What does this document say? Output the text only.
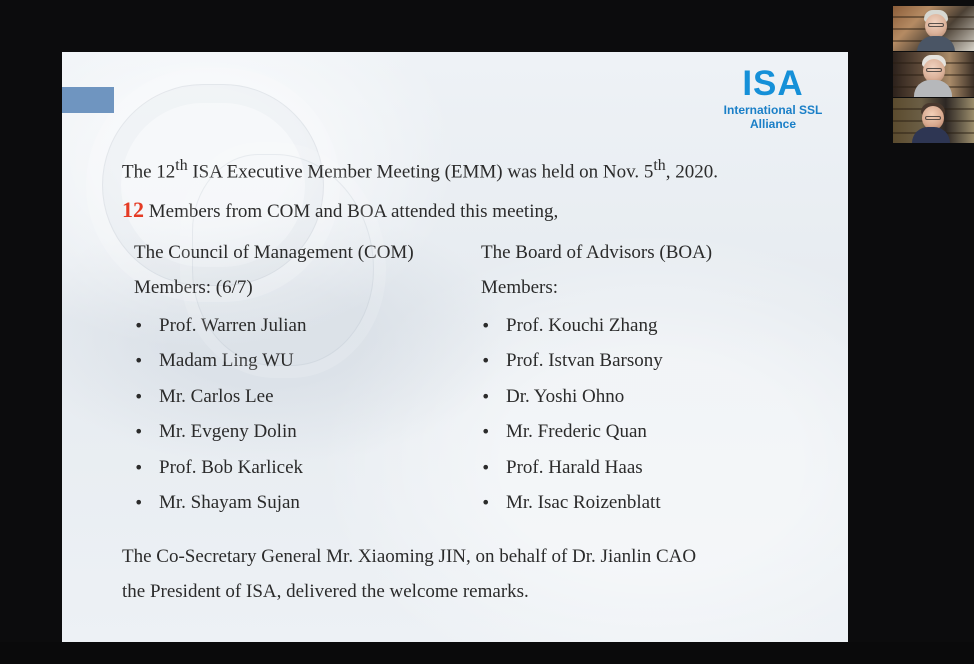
ISA
International SSL Alliance

The 12th ISA Executive Member Meeting (EMM) was held on Nov. 5th, 2020.

12 Members from COM and BOA attended this meeting,

The Council of Management (COM)
Members: (6/7)
• Prof. Warren Julian
• Madam Ling WU
• Mr. Carlos Lee
• Mr. Evgeny Dolin
• Prof. Bob Karlicek
• Mr. Shayam Sujan
The Board of Advisors (BOA)
Members:
• Prof. Kouchi Zhang
• Prof. Istvan Barsony
• Dr. Yoshi Ohno
• Mr. Frederic Quan
• Prof. Harald Haas
• Mr. Isac Roizenblatt

The Co-Secretary General Mr. Xiaoming JIN, on behalf of Dr. Jianlin CAO
the President of ISA, delivered the welcome remarks.
